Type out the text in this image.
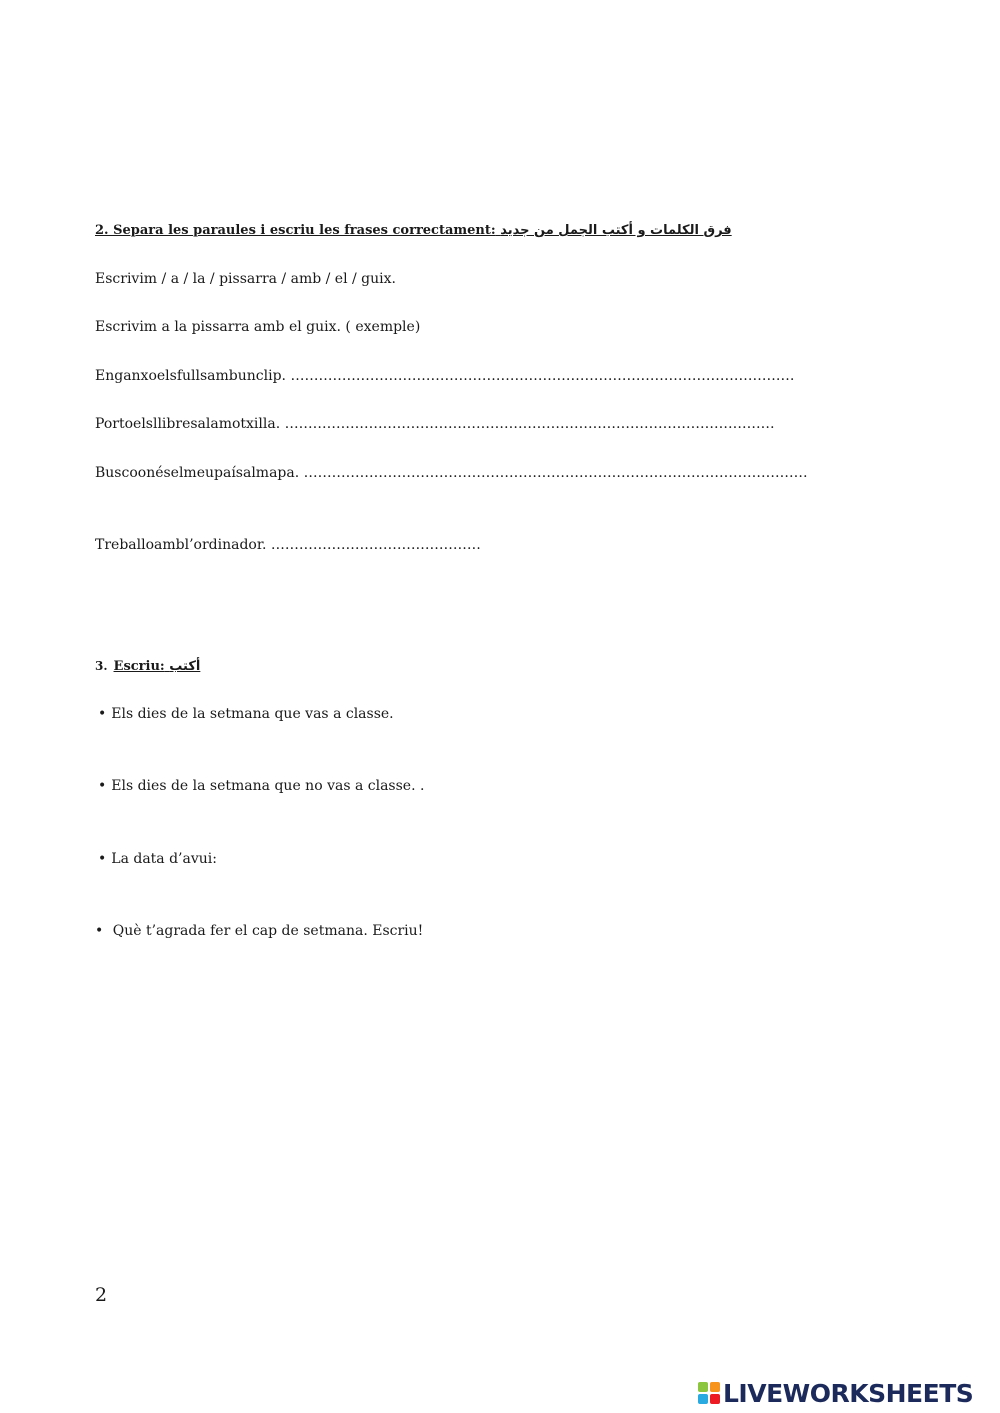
2. Separa les paraules i escriu les frases correctament: فرق الكلمات و أكتب الجمل من جديد
Escrivim / a / la / pissarra / amb / el / guix.
Escrivim a la pissarra amb el guix. ( exemple)
Enganxoelsfullsambunclip. ………………………………………………………………………………………………
Portoelsllibresalamotxilla. ……………………………………………………………………………………………
Buscoonéselmeupaísalmapa. ………………………………………………………………………………………………
Treballoambl’ordinador. ………………………………………
3. Escriu: أكتب
• Els dies de la setmana que vas a classe.
• Els dies de la setmana que no vas a classe. .
• La data d’avui:
• Què t’agrada fer el cap de setmana. Escriu!
2
LIVEWORKSHEETS
